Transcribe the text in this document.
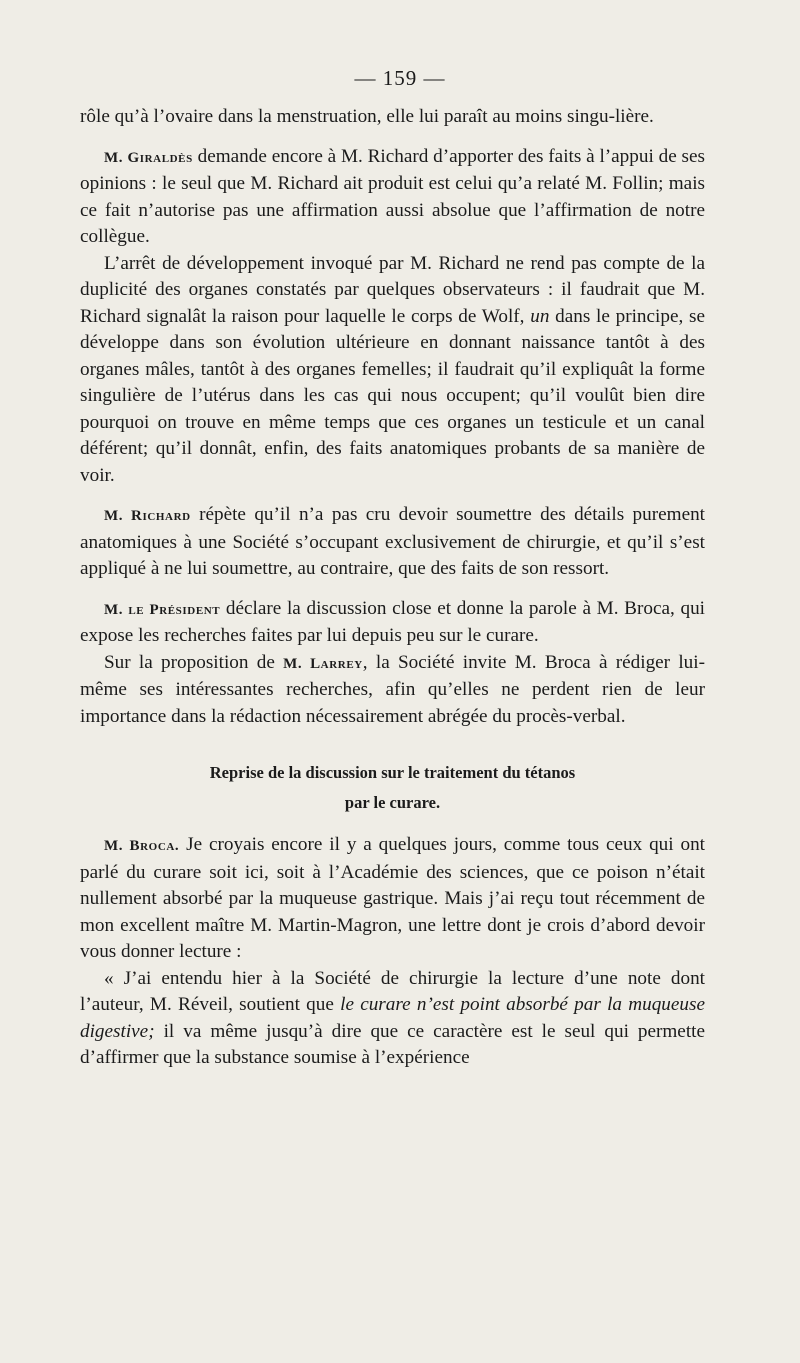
— 159 —

rôle qu’à l’ovaire dans la menstruation, elle lui paraît au moins singu-lière.

M. Giraldès demande encore à M. Richard d’apporter des faits à l’appui de ses opinions : le seul que M. Richard ait produit est celui qu’a relaté M. Follin; mais ce fait n’autorise pas une affirmation aussi absolue que l’affirmation de notre collègue.

L’arrêt de développement invoqué par M. Richard ne rend pas compte de la duplicité des organes constatés par quelques observateurs : il faudrait que M. Richard signalât la raison pour laquelle le corps de Wolf, un dans le principe, se développe dans son évolution ultérieure en donnant naissance tantôt à des organes mâles, tantôt à des organes femelles; il faudrait qu’il expliquât la forme singulière de l’utérus dans les cas qui nous occupent; qu’il voulût bien dire pourquoi on trouve en même temps que ces organes un testicule et un canal déférent; qu’il donnât, enfin, des faits anatomiques probants de sa manière de voir.

M. Richard répète qu’il n’a pas cru devoir soumettre des détails purement anatomiques à une Société s’occupant exclusivement de chirurgie, et qu’il s’est appliqué à ne lui soumettre, au contraire, que des faits de son ressort.

M. le Président déclare la discussion close et donne la parole à M. Broca, qui expose les recherches faites par lui depuis peu sur le curare.

Sur la proposition de M. Larrey, la Société invite M. Broca à rédiger lui-même ses intéressantes recherches, afin qu’elles ne perdent rien de leur importance dans la rédaction nécessairement abrégée du procès-verbal.

Reprise de la discussion sur le traitement du tétanos
par le curare.

M. Broca. Je croyais encore il y a quelques jours, comme tous ceux qui ont parlé du curare soit ici, soit à l’Académie des sciences, que ce poison n’était nullement absorbé par la muqueuse gastrique. Mais j’ai reçu tout récemment de mon excellent maître M. Martin-Magron, une lettre dont je crois d’abord devoir vous donner lecture :

« J’ai entendu hier à la Société de chirurgie la lecture d’une note dont l’auteur, M. Réveil, soutient que le curare n’est point absorbé par la muqueuse digestive; il va même jusqu’à dire que ce caractère est le seul qui permette d’affirmer que la substance soumise à l’expérience
